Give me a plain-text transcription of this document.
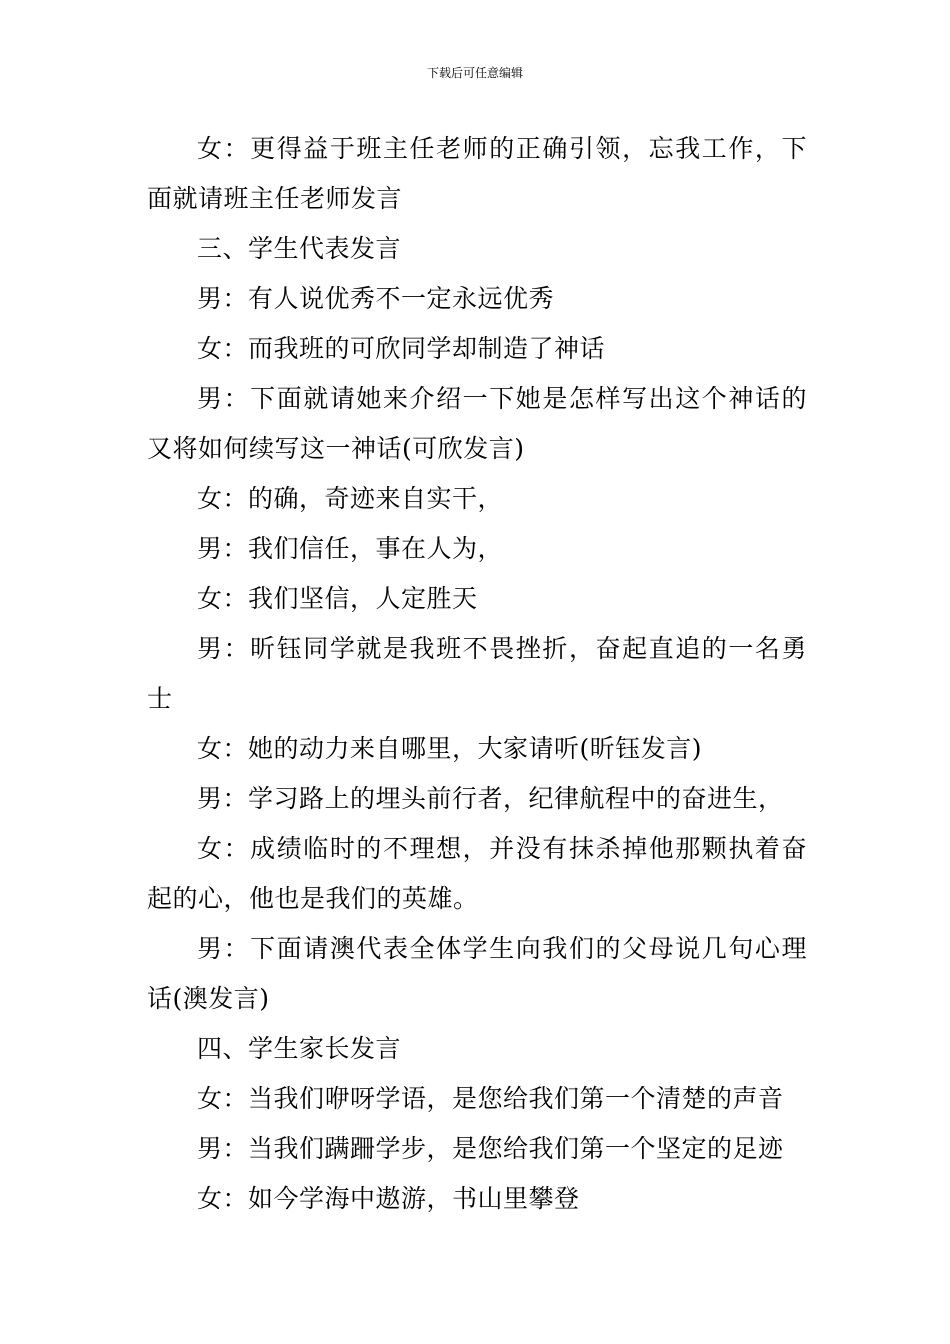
下载后可任意编辑

女：更得益于班主任老师的正确引领，忘我工作，下面就请班主任老师发言

三、学生代表发言

男：有人说优秀不一定永远优秀

女：而我班的可欣同学却制造了神话

男：下面就请她来介绍一下她是怎样写出这个神话的又将如何续写这一神话(可欣发言)

女：的确，奇迹来自实干，

男：我们信任，事在人为，

女：我们坚信，人定胜天

男：昕钰同学就是我班不畏挫折，奋起直追的一名勇士

女：她的动力来自哪里，大家请听(昕钰发言)

男：学习路上的埋头前行者，纪律航程中的奋进生，

女：成绩临时的不理想，并没有抹杀掉他那颗执着奋起的心，他也是我们的英雄。

男：下面请澳代表全体学生向我们的父母说几句心理话(澳发言)

四、学生家长发言

女：当我们咿呀学语，是您给我们第一个清楚的声音

男：当我们蹒跚学步，是您给我们第一个坚定的足迹

女：如今学海中遨游，书山里攀登
